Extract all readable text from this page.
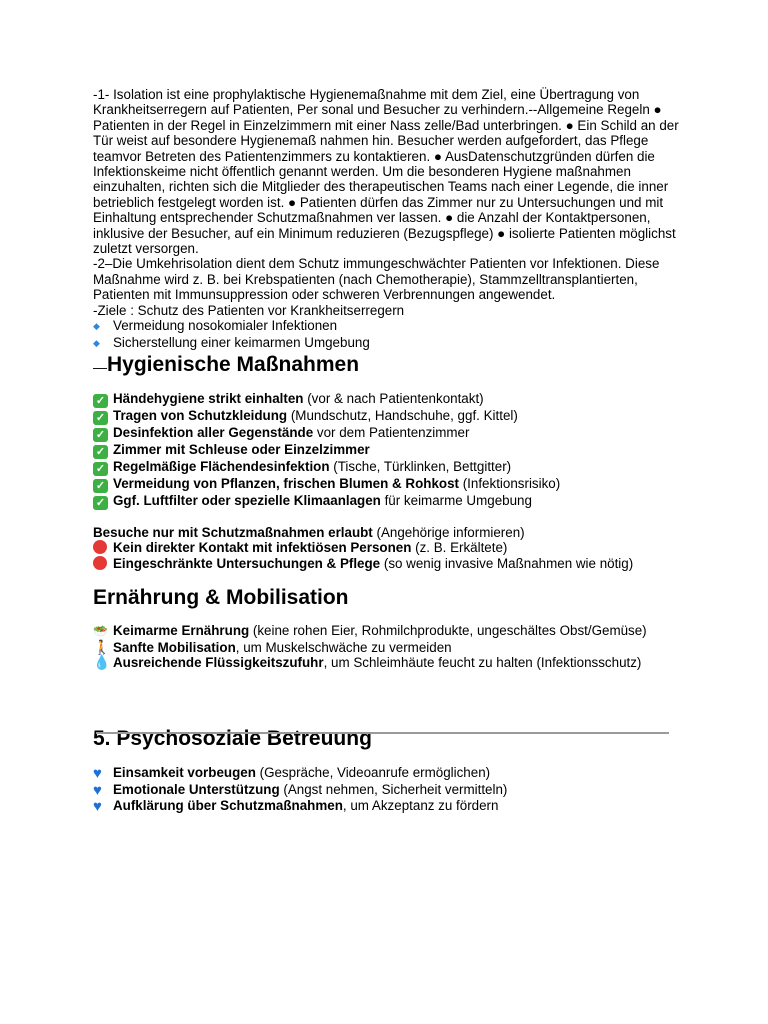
-1- Isolation ist eine prophylaktische Hygienemaßnahme mit dem Ziel, eine Übertragung von Krankheitserregern auf Patienten, Per sonal und Besucher zu verhindern.--Allgemeine Regeln ● Patienten in der Regel in Einzelzimmern mit einer Nass zelle/Bad unterbringen. ● Ein Schild an der Tür weist auf besondere Hygienemaß nahmen hin. Besucher werden aufgefordert, das Pflege teamvor Betreten des Patientenzimmers zu kontaktieren. ● AusDatenschutzgründen dürfen die Infektionskeime nicht öffentlich genannt werden. Um die besonderen Hygiene maßnahmen einzuhalten, richten sich die Mitglieder des therapeutischen Teams nach einer Legende, die inner betrieblich festgelegt worden ist. ● Patienten dürfen das Zimmer nur zu Untersuchungen und mit Einhaltung entsprechender Schutzmaßnahmen ver lassen. ● die Anzahl der Kontaktpersonen, inklusive der Besucher, auf ein Minimum reduzieren (Bezugspflege) ● isolierte Patienten möglichst zuletzt versorgen.

-2–Die Umkehrisolation dient dem Schutz immungeschwächter Patienten vor Infektionen. Diese Maßnahme wird z. B. bei Krebspatienten (nach Chemotherapie), Stammzelltransplantierten, Patienten mit Immunsuppression oder schweren Verbrennungen angewendet.

-Ziele : Schutz des Patienten vor Krankheitserregern
◆ Vermeidung nosokomialer Infektionen
◆ Sicherstellung einer keimarmen Umgebung
—Hygienische Maßnahmen
✓ Händehygiene strikt einhalten (vor & nach Patientenkontakt)
✓ Tragen von Schutzkleidung (Mundschutz, Handschuhe, ggf. Kittel)
✓ Desinfektion aller Gegenstände vor dem Patientenzimmer
✓ Zimmer mit Schleuse oder Einzelzimmer
✓ Regelmäßige Flächendesinfektion (Tische, Türklinken, Bettgitter)
✓ Vermeidung von Pflanzen, frischen Blumen & Rohkost (Infektionsrisiko)
✓ Ggf. Luftfilter oder spezielle Klimaanlagen für keimarme Umgebung
Besuche nur mit Schutzmaßnahmen erlaubt (Angehörige informieren)
Kein direkter Kontakt mit infektiösen Personen (z. B. Erkältete)
Eingeschränkte Untersuchungen & Pflege (so wenig invasive Maßnahmen wie nötig)
Ernährung & Mobilisation
🥗 Keimarme Ernährung (keine rohen Eier, Rohmilchprodukte, ungeschältes Obst/Gemüse)
🚶 Sanfte Mobilisation, um Muskelschwäche zu vermeiden
💧 Ausreichende Flüssigkeitszufuhr, um Schleimhäute feucht zu halten (Infektionsschutz)
5. Psychosoziale Betreuung
♥ Einsamkeit vorbeugen (Gespräche, Videoanrufe ermöglichen)
♥ Emotionale Unterstützung (Angst nehmen, Sicherheit vermitteln)
♥ Aufklärung über Schutzmaßnahmen, um Akzeptanz zu fördern
